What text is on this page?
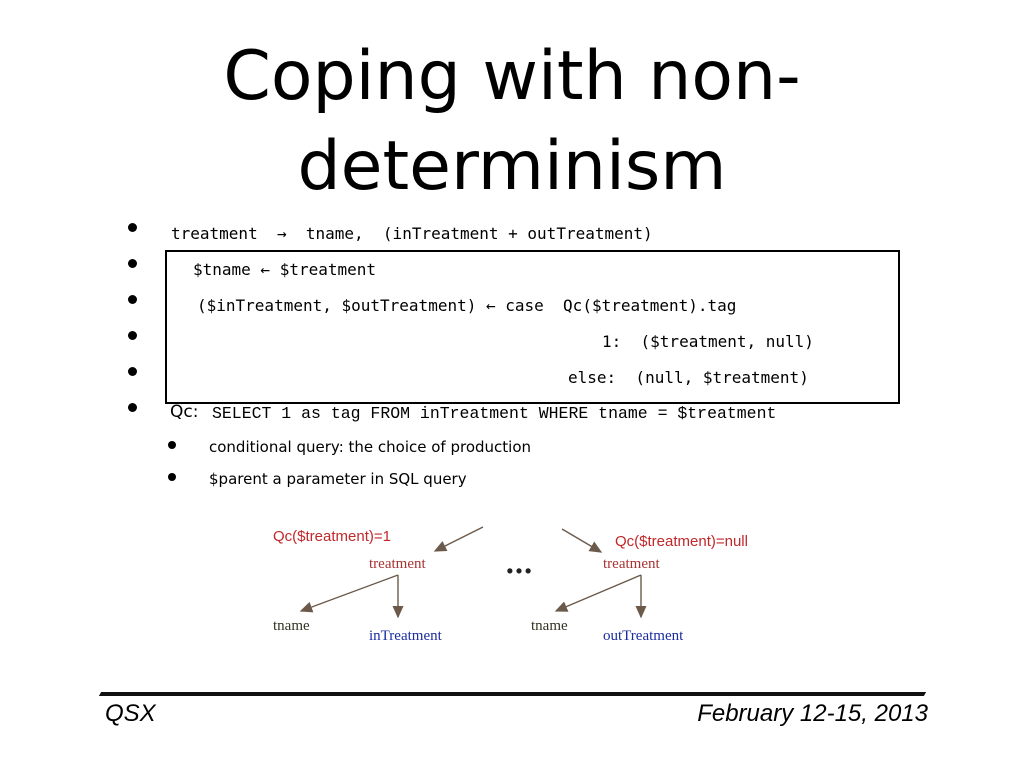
Coping with non-
determinism
treatment  →  tname,  (inTreatment + outTreatment)
$tname ← $treatment
($inTreatment, $outTreatment) ← case  Qc($treatment).tag
1:  ($treatment, null)
else:  (null, $treatment)
Qc: SELECT 1 as tag FROM inTreatment WHERE tname = $treatment
conditional query: the choice of production
$parent a parameter in SQL query
Qc($treatment)=1
treatment
tname
inTreatment
…
Qc($treatment)=null
treatment
tname
outTreatment
QSX	February 12-15, 2013
